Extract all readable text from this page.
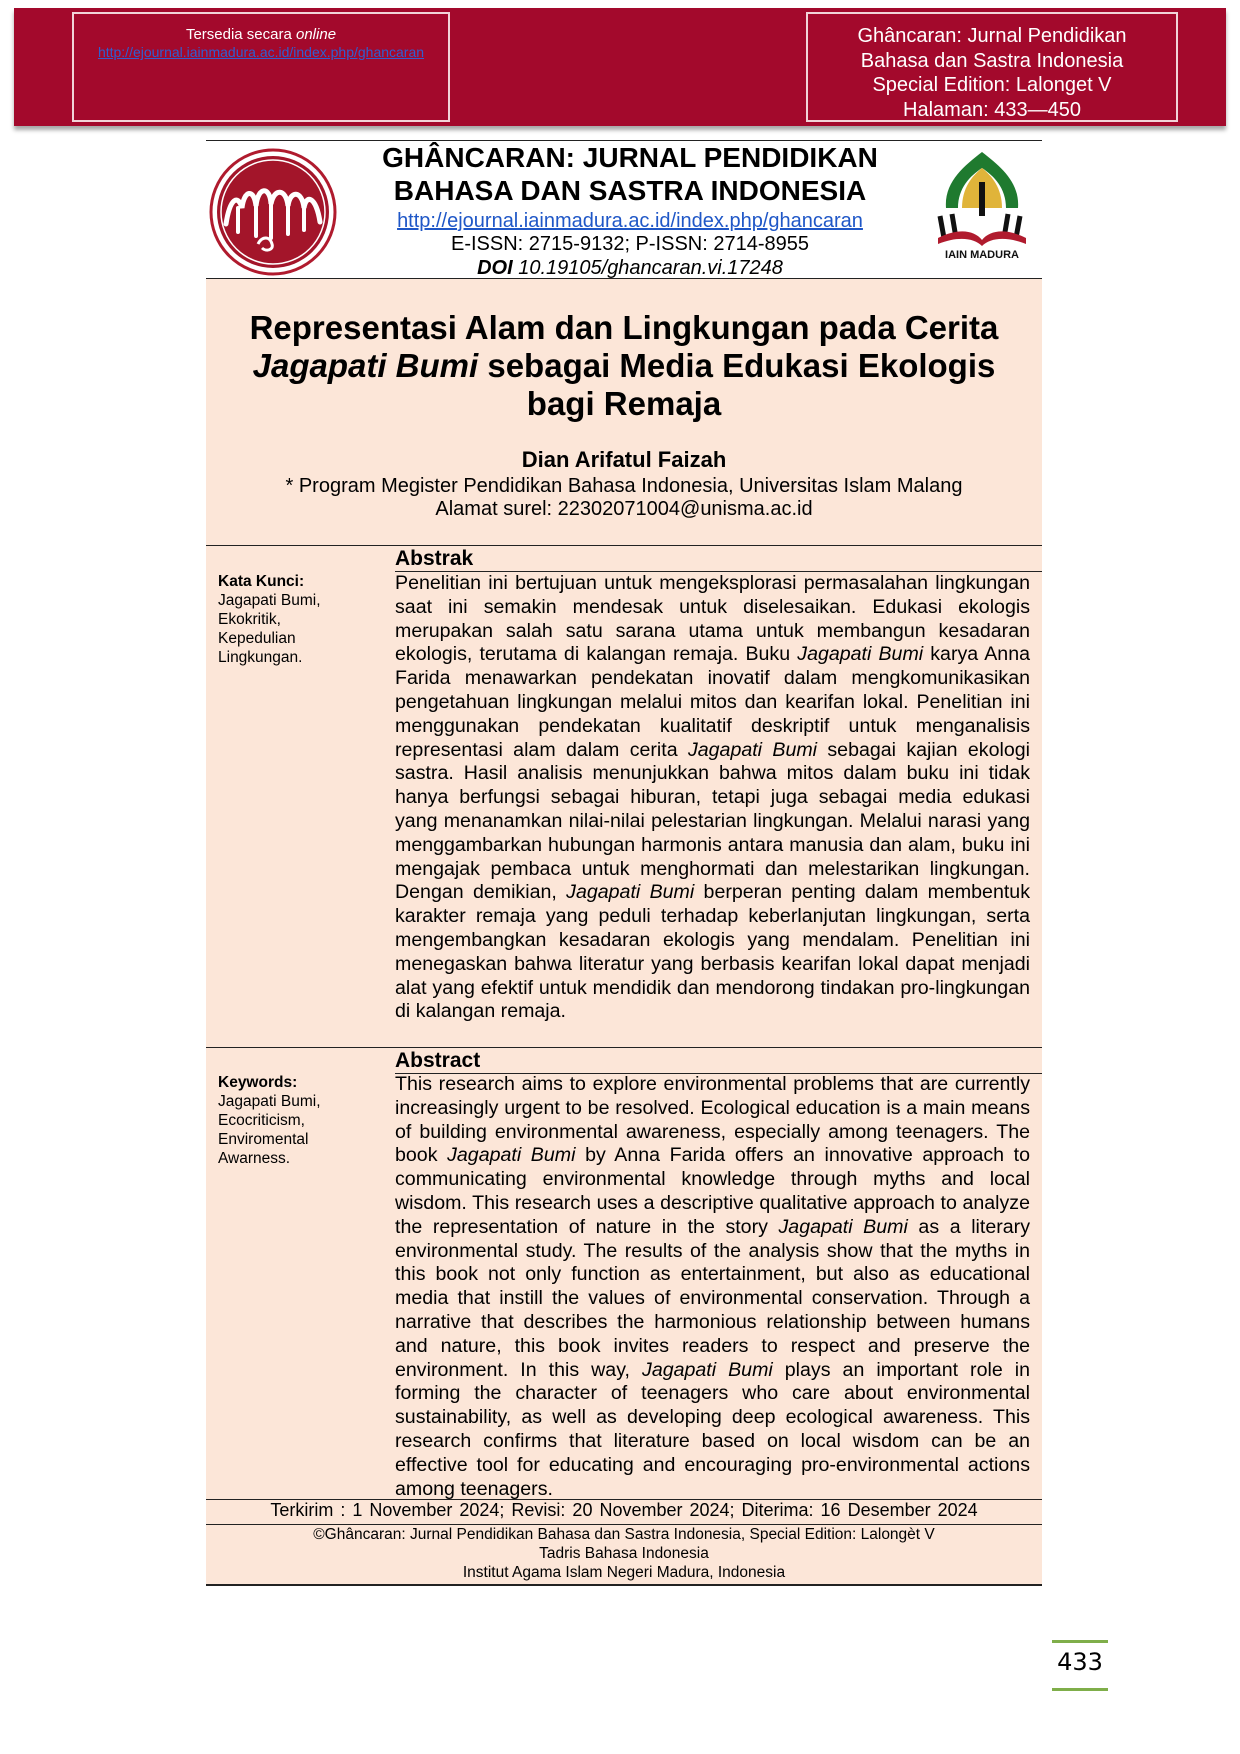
Tersedia secara online
http://ejournal.iainmadura.ac.id/index.php/ghancaran
Ghâncaran: Jurnal Pendidikan
Bahasa dan Sastra Indonesia
Special Edition: Lalonget V
Halaman: 433—450
IAIN MADURA
GHÂNCARAN: JURNAL PENDIDIKAN
BAHASA DAN SASTRA INDONESIA
http://ejournal.iainmadura.ac.id/index.php/ghancaran
E-ISSN: 2715-9132; P-ISSN: 2714-8955
DOI 10.19105/ghancaran.vi.17248
Representasi Alam dan Lingkungan pada Cerita
Jagapati Bumi sebagai Media Edukasi Ekologis
bagi Remaja
Dian Arifatul Faizah
* Program Megister Pendidikan Bahasa Indonesia, Universitas Islam Malang
Alamat surel: 22302071004@unisma.ac.id
Abstrak
Kata Kunci:
Jagapati Bumi,
Ekokritik,
Kepedulian
Lingkungan.
Penelitian ini bertujuan untuk mengeksplorasi permasalahan lingkungan saat ini semakin mendesak untuk diselesaikan. Edukasi ekologis merupakan salah satu sarana utama untuk membangun kesadaran ekologis, terutama di kalangan remaja. Buku Jagapati Bumi karya Anna Farida menawarkan pendekatan inovatif dalam mengkomunikasikan pengetahuan lingkungan melalui mitos dan kearifan lokal. Penelitian ini menggunakan pendekatan kualitatif deskriptif untuk menganalisis representasi alam dalam cerita Jagapati Bumi sebagai kajian ekologi sastra. Hasil analisis menunjukkan bahwa mitos dalam buku ini tidak hanya berfungsi sebagai hiburan, tetapi juga sebagai media edukasi yang menanamkan nilai-nilai pelestarian lingkungan. Melalui narasi yang menggambarkan hubungan harmonis antara manusia dan alam, buku ini mengajak pembaca untuk menghormati dan melestarikan lingkungan. Dengan demikian, Jagapati Bumi berperan penting dalam membentuk karakter remaja yang peduli terhadap keberlanjutan lingkungan, serta mengembangkan kesadaran ekologis yang mendalam. Penelitian ini menegaskan bahwa literatur yang berbasis kearifan lokal dapat menjadi alat yang efektif untuk mendidik dan mendorong tindakan pro-lingkungan di kalangan remaja.
Abstract
Keywords:
Jagapati Bumi,
Ecocriticism,
Enviromental
Awarness.
This research aims to explore environmental problems that are currently increasingly urgent to be resolved. Ecological education is a main means of building environmental awareness, especially among teenagers. The book Jagapati Bumi by Anna Farida offers an innovative approach to communicating environmental knowledge through myths and local wisdom. This research uses a descriptive qualitative approach to analyze the representation of nature in the story Jagapati Bumi as a literary environmental study. The results of the analysis show that the myths in this book not only function as entertainment, but also as educational media that instill the values of environmental conservation. Through a narrative that describes the harmonious relationship between humans and nature, this book invites readers to respect and preserve the environment. In this way, Jagapati Bumi plays an important role in forming the character of teenagers who care about environmental sustainability, as well as developing deep ecological awareness. This research confirms that literature based on local wisdom can be an effective tool for educating and encouraging pro-environmental actions among teenagers.
Terkirim : 1 November 2024; Revisi: 20 November 2024; Diterima: 16 Desember 2024
©Ghâncaran: Jurnal Pendidikan Bahasa dan Sastra Indonesia, Special Edition: Lalongèt V
Tadris Bahasa Indonesia
Institut Agama Islam Negeri Madura, Indonesia
433
